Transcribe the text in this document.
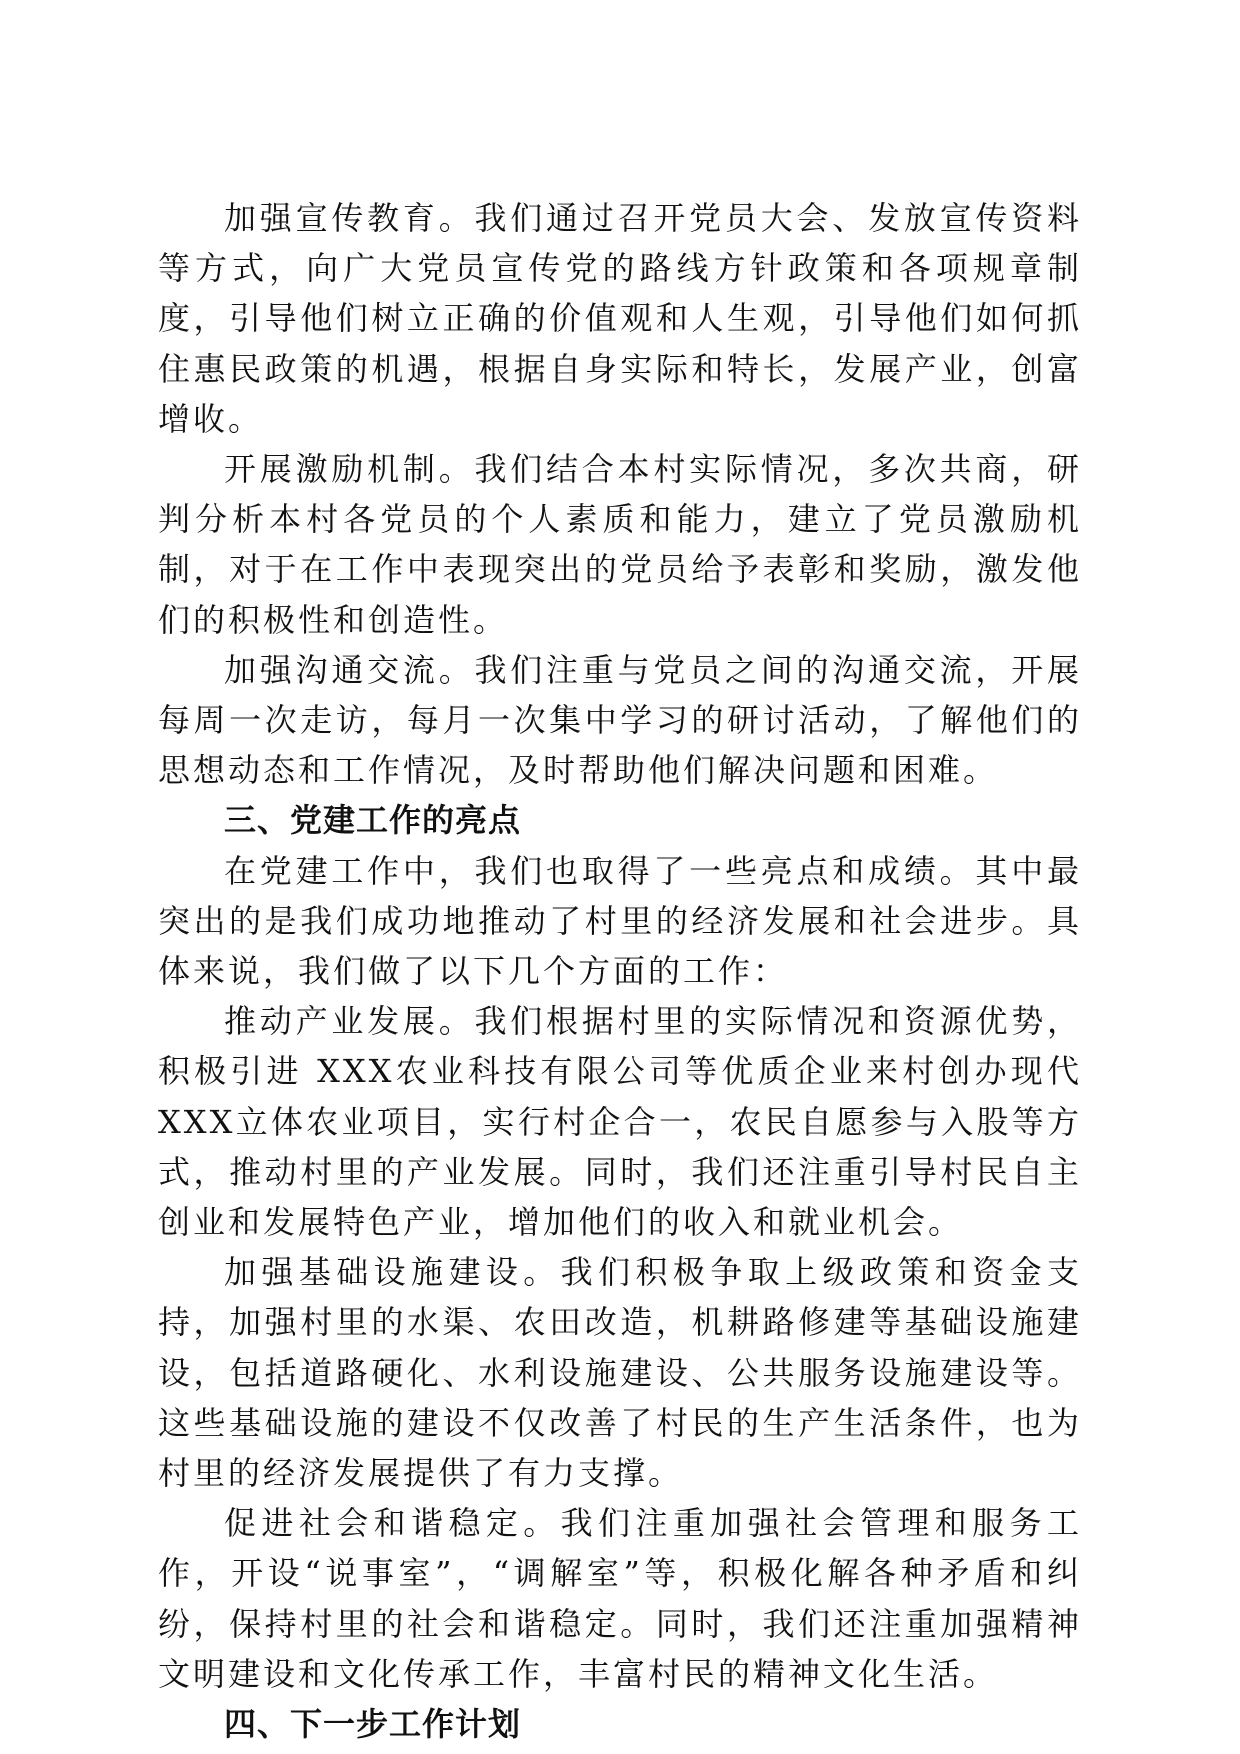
加强宣传教育。我们通过召开党员大会、发放宣传资料等方式，向广大党员宣传党的路线方针政策和各项规章制度，引导他们树立正确的价值观和人生观，引导他们如何抓住惠民政策的机遇，根据自身实际和特长，发展产业，创富增收。

开展激励机制。我们结合本村实际情况，多次共商，研判分析本村各党员的个人素质和能力，建立了党员激励机制，对于在工作中表现突出的党员给予表彰和奖励，激发他们的积极性和创造性。

加强沟通交流。我们注重与党员之间的沟通交流，开展每周一次走访，每月一次集中学习的研讨活动，了解他们的思想动态和工作情况，及时帮助他们解决问题和困难。

三、党建工作的亮点

在党建工作中，我们也取得了一些亮点和成绩。其中最突出的是我们成功地推动了村里的经济发展和社会进步。具体来说，我们做了以下几个方面的工作：

推动产业发展。我们根据村里的实际情况和资源优势，积极引进 XXX农业科技有限公司等优质企业来村创办现代XXX立体农业项目，实行村企合一，农民自愿参与入股等方式，推动村里的产业发展。同时，我们还注重引导村民自主创业和发展特色产业，增加他们的收入和就业机会。

加强基础设施建设。我们积极争取上级政策和资金支持，加强村里的水渠、农田改造，机耕路修建等基础设施建设，包括道路硬化、水利设施建设、公共服务设施建设等。这些基础设施的建设不仅改善了村民的生产生活条件，也为村里的经济发展提供了有力支撑。

促进社会和谐稳定。我们注重加强社会管理和服务工作，开设“说事室”，“调解室”等，积极化解各种矛盾和纠纷，保持村里的社会和谐稳定。同时，我们还注重加强精神文明建设和文化传承工作，丰富村民的精神文化生活。

四、下一步工作计划
